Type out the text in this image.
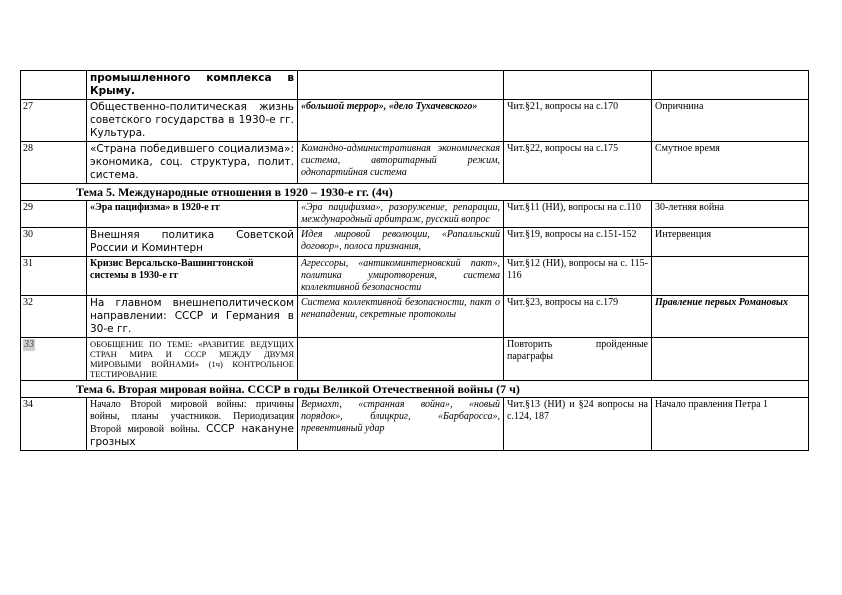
	промышленного комплекса в Крыму.			
27	Общественно-политическая жизнь советского государства в 1930-е гг. Культура.	«большой террор», «дело Тухачевского»	Чит.§21, вопросы на с.170	Опричнина
28	«Страна победившего социализма»: экономика, соц. структура, полит. система.	Командно-административная экономическая система, авторитарный режим, однопартийная система	Чит.§22, вопросы на с.175	Смутное время
Тема 5. Международные отношения в 1920 – 1930-е гг. (4ч)				
29	«Эра пацифизма» в 1920-е гг	«Эра пацифизма», разоружение, репарации, международный арбитраж, русский вопрос	Чит.§11 (НИ), вопросы на с.110	30-летняя война
30	Внешняя политика Советской России и Коминтерн	Идея мировой революции, «Рапалльский договор», полоса признания,	Чит.§19, вопросы на с.151-152	Интервенция
31	Кризис Версальско-Вашингтонской системы в 1930-е гг	Агрессоры, «антикоминтерновский пакт», политика умиротворения, система коллективной безопасности	Чит.§12 (НИ), вопросы на с. 115-116	
32	На главном внешнеполитическом направлении: СССР и Германия в 30-е гг.	Система коллективной безопасности, пакт о ненападении, секретные протоколы	Чит.§23, вопросы на с.179	Правление первых Романовых
33	ОБОБЩЕНИЕ ПО ТЕМЕ: «РАЗВИТИЕ ВЕДУЩИХ СТРАН МИРА И СССР МЕЖДУ ДВУМЯ МИРОВЫМИ ВОЙНАМИ» (1ч) КОНТРОЛЬНОЕ ТЕСТИРОВАНИЕ		Повторить пройденные параграфы	
Тема 6. Вторая мировая война. СССР в годы Великой Отечественной войны (7 ч)				
34	Начало Второй мировой войны: причины войны, планы участников. Периодизация Второй мировой войны. СССР накануне грозных	Вермахт, «странная война», «новый порядок», блицкриг, «Барбаросса», превентивный удар	Чит.§13 (НИ) и §24 вопросы на с.124, 187	Начало правления Петра 1
